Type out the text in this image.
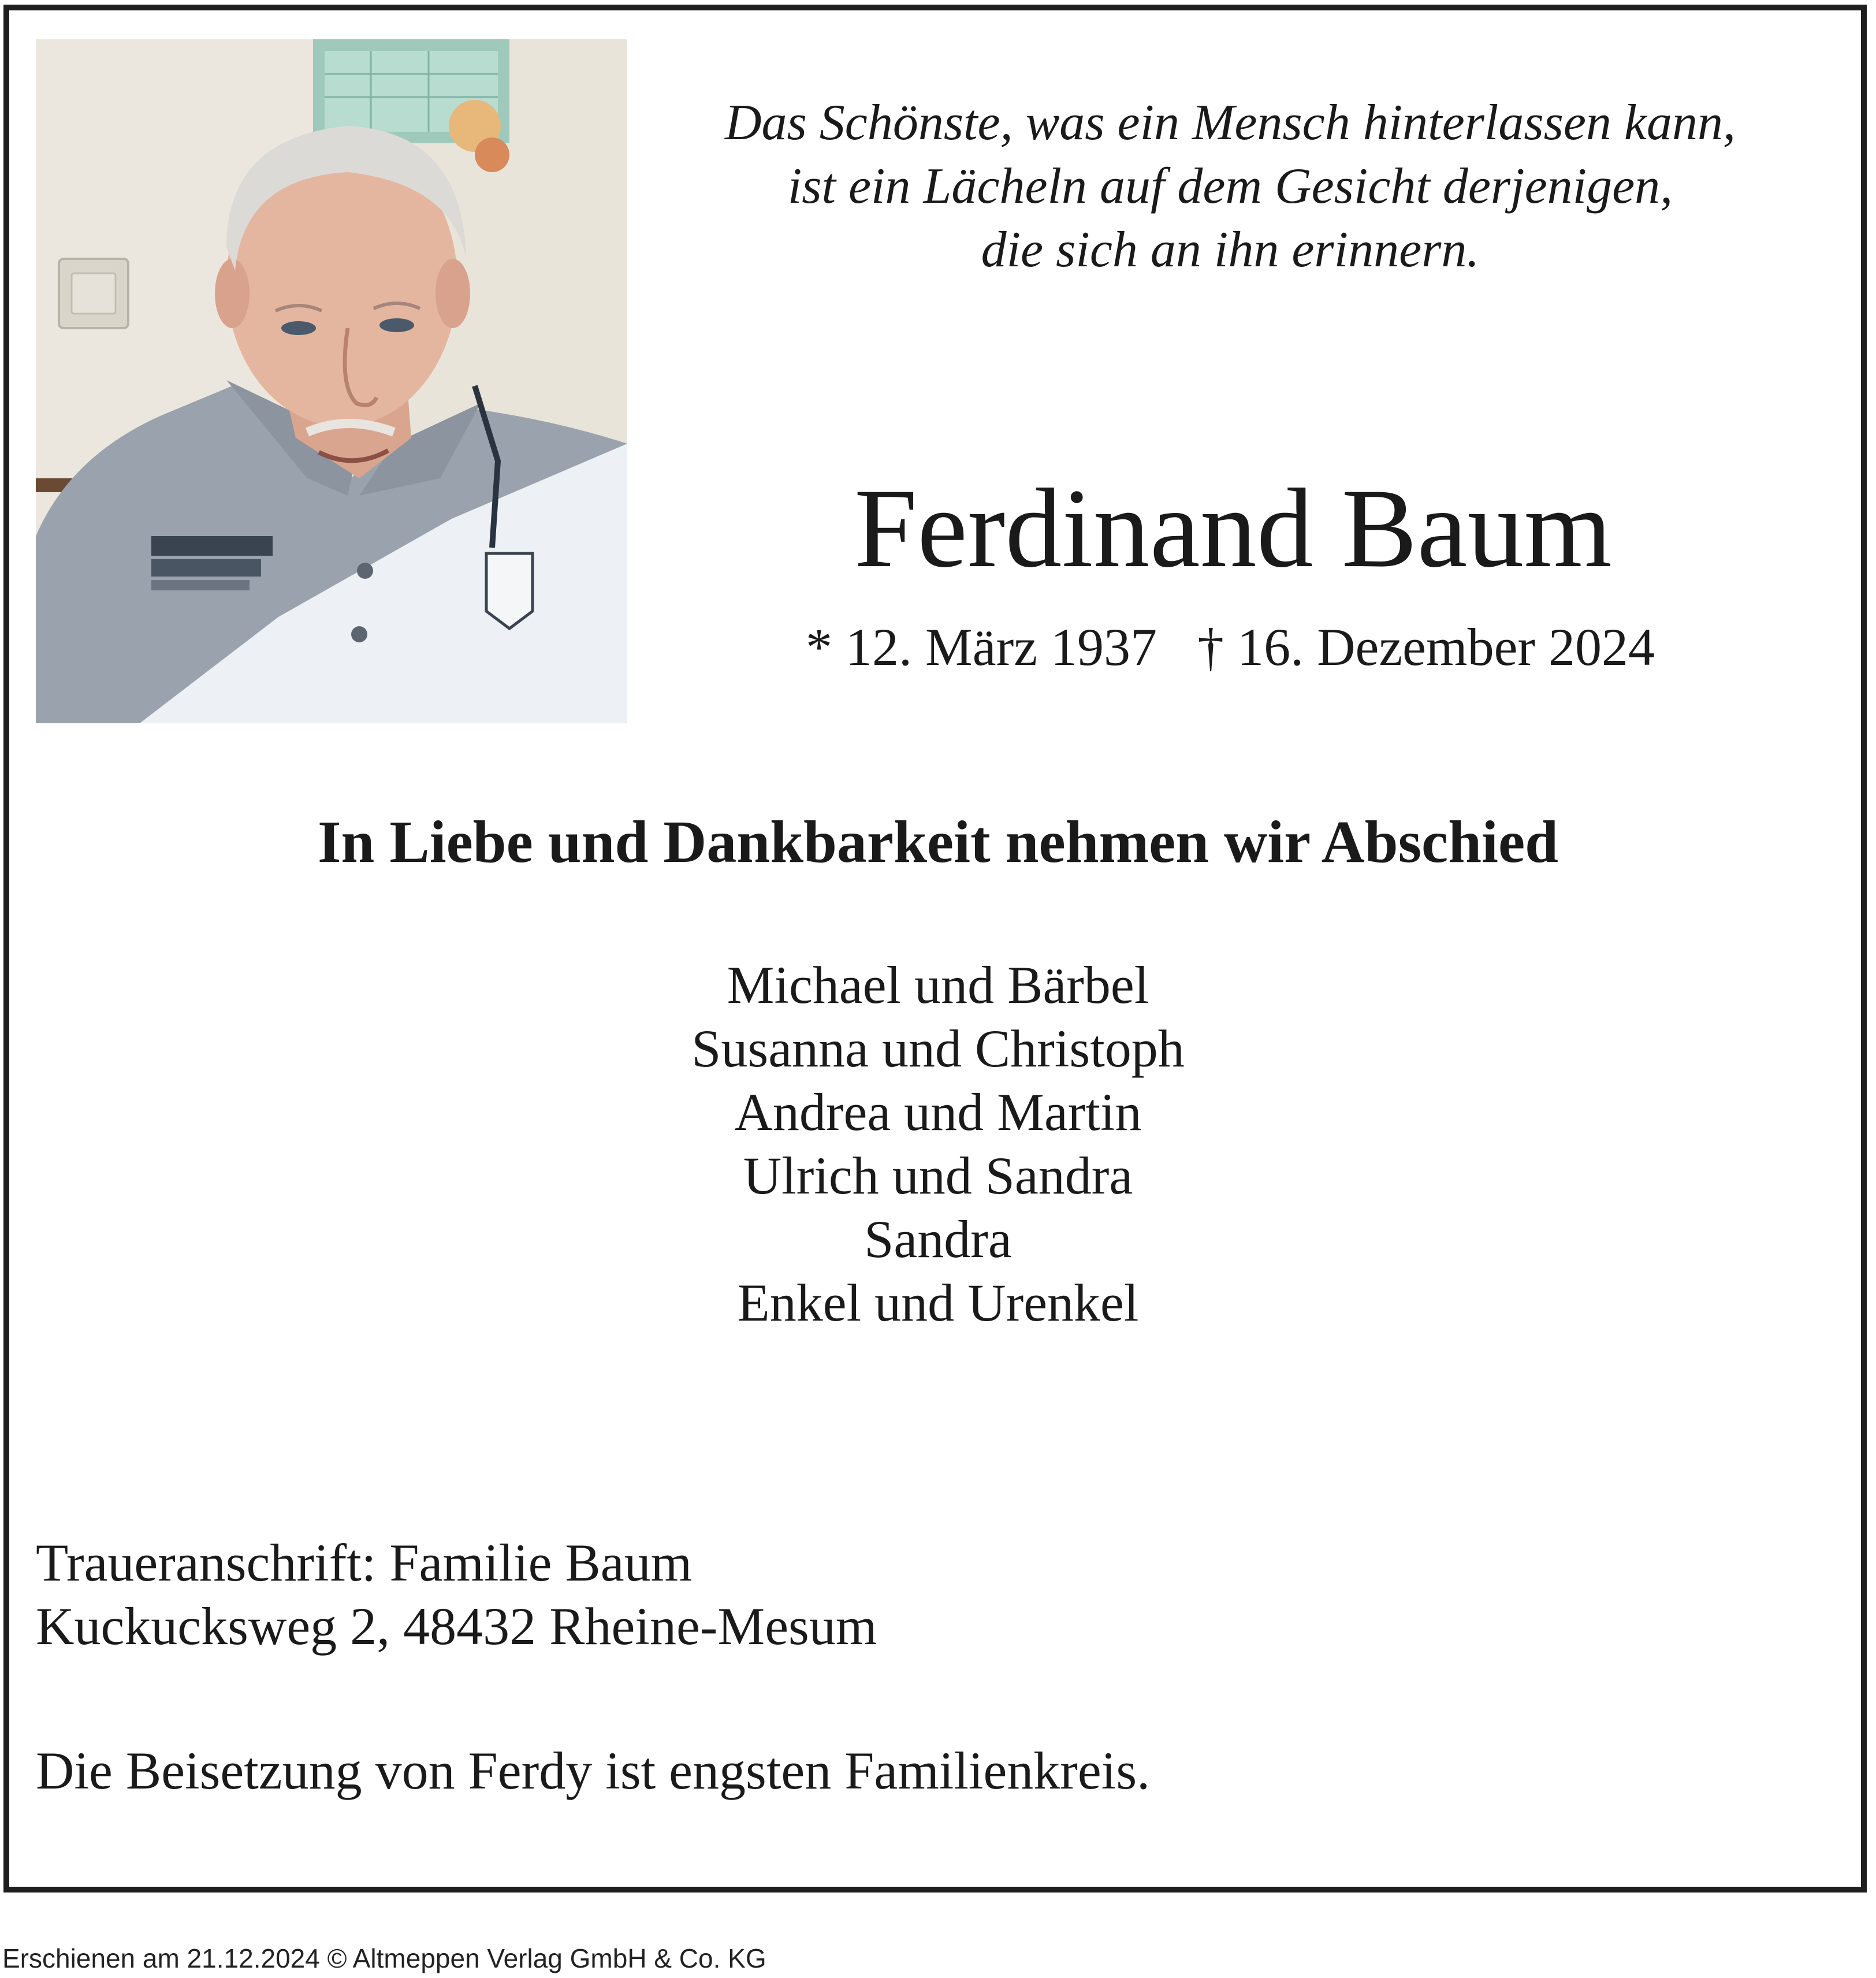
Das Schönste, was ein Mensch hinterlassen kann,
ist ein Lächeln auf dem Gesicht derjenigen,
die sich an ihn erinnern.
Ferdinand Baum
* 12. März 1937 † 16. Dezember 2024
In Liebe und Dankbarkeit nehmen wir Abschied
Michael und Bärbel
Susanna und Christoph
Andrea und Martin
Ulrich und Sandra
Sandra
Enkel und Urenkel
Traueranschrift: Familie Baum
Kuckucksweg 2, 48432 Rheine-Mesum
Die Beisetzung von Ferdy ist engsten Familienkreis.
Erschienen am 21.12.2024 © Altmeppen Verlag GmbH & Co. KG
